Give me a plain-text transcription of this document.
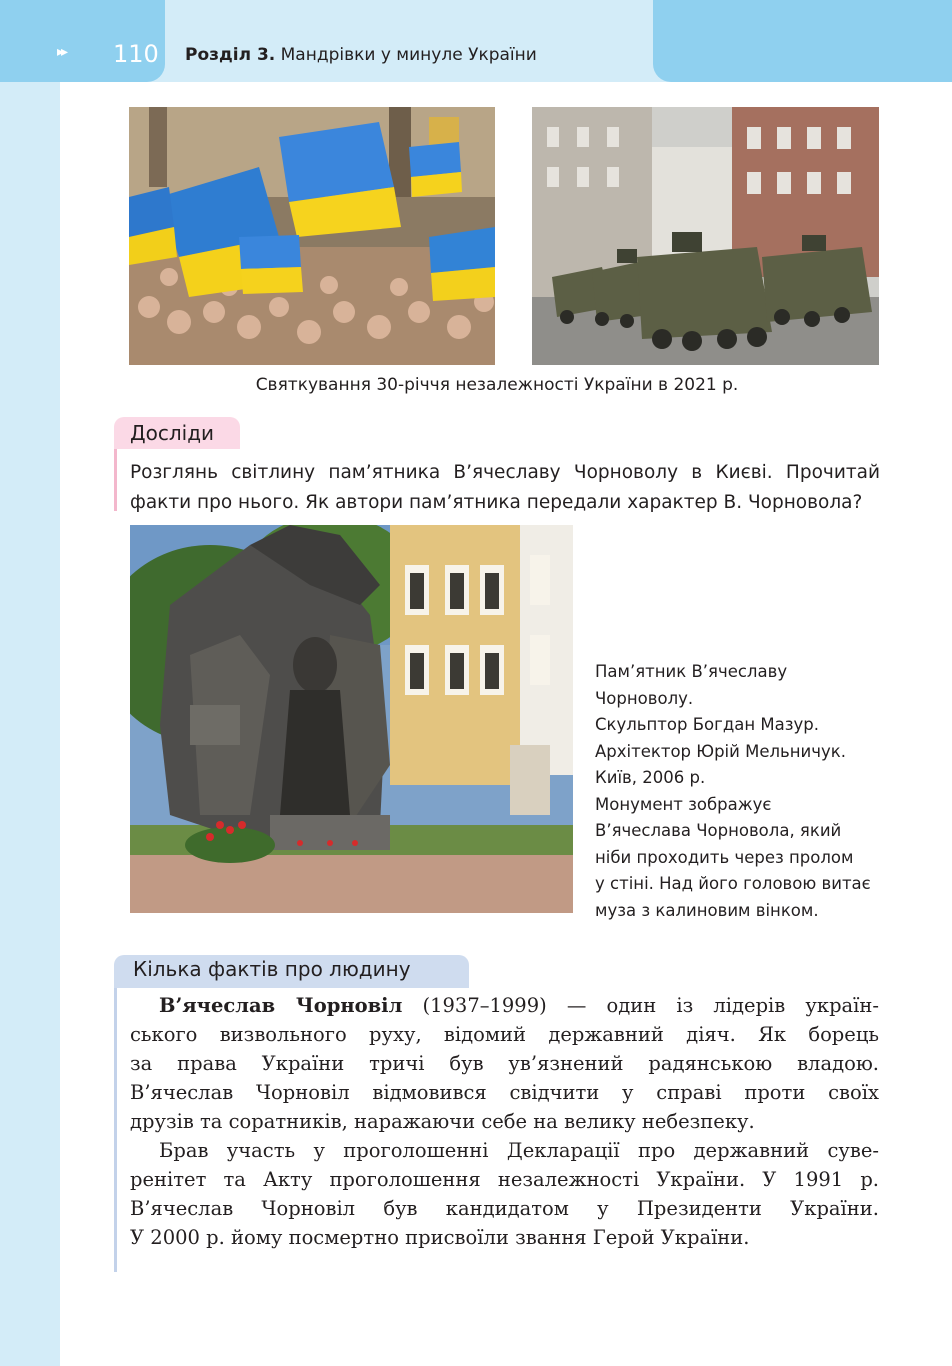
▸▸ 110 Розділ 3. Мандрівки у минуле України
Святкування 30-річчя незалежності України в 2021 р.
Досліди
Розглянь світлину пам’ятника В’ячеславу Чорноволу в Києві. Прочитай
факти про нього. Як автори пам’ятника передали характер В. Чорновола?
Пам’ятник В’ячеславу
Чорноволу.
Скульптор Богдан Мазур.
Архітектор Юрій Мельничук.
Київ, 2006 р.
Монумент зображує
В’ячеслава Чорновола, який
ніби проходить через пролом
у стіні. Над його головою витає
муза з калиновим вінком.
Кілька фактів про людину
В’ячеслав Чорновіл (1937–1999) — один із лідерів україн-
ського визвольного руху, відомий державний діяч. Як борець
за права України тричі був ув’язнений радянською владою.
В’ячеслав Чорновіл відмовився свідчити у справі проти своїх
друзів та соратників, наражаючи себе на велику небезпеку.
Брав участь у проголошенні Декларації про державний суве-
ренітет та Акту проголошення незалежності України. У 1991 р.
В’ячеслав Чорновіл був кандидатом у Президенти України.
У 2000 р. йому посмертно присвоїли звання Герой України.
